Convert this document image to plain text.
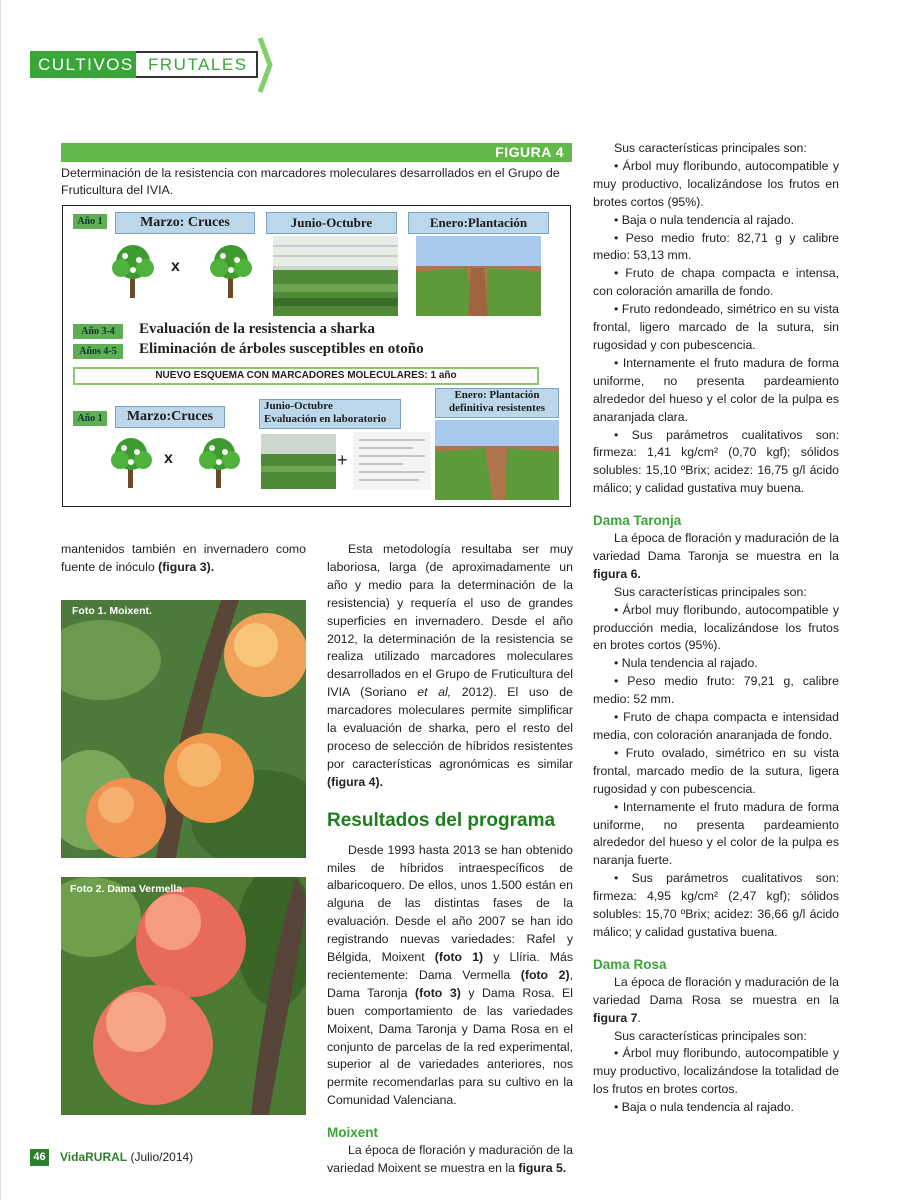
CULTIVOS FRUTALES
FIGURA 4
Determinación de la resistencia con marcadores moleculares desarrollados en el Grupo de Fruticultura del IVIA.
Año 1	Marzo: Cruces	Junio-Octubre	Enero:Plantación
x
Año 3-4	Evaluación de la resistencia a sharka
Años 4-5	Eliminación de árboles susceptibles en otoño
NUEVO ESQUEMA CON MARCADORES MOLECULARES: 1 año
Año 1	Marzo:Cruces
Junio-Octubre
Evaluación en laboratorio
Enero: Plantación
definitiva resistentes
x	+

mantenidos también en invernadero como fuente de inóculo (figura 3).

Foto 1. Moixent.
Foto 2. Dama Vermella.

Esta metodología resultaba ser muy laboriosa, larga (de aproximadamente un año y medio para la determinación de la resistencia) y requería el uso de grandes superficies en invernadero. Desde el año 2012, la determinación de la resistencia se realiza utilizado marcadores moleculares desarrollados en el Grupo de Fruticultura del IVIA (Soriano et al, 2012). El uso de marcadores moleculares permite simplificar la evaluación de sharka, pero el resto del proceso de selección de híbridos resistentes por características agronómicas es similar (figura 4).

Resultados del programa

Desde 1993 hasta 2013 se han obtenido miles de híbridos intraespecíficos de albaricoquero. De ellos, unos 1.500 están en alguna de las distintas fases de la evaluación. Desde el año 2007 se han ido registrando nuevas variedades: Rafel y Bélgida, Moixent (foto 1) y Llíria. Más recientemente: Dama Vermella (foto 2), Dama Taronja (foto 3) y Dama Rosa. El buen comportamiento de las variedades Moixent, Dama Taronja y Dama Rosa en el conjunto de parcelas de la red experimental, superior al de variedades anteriores, nos permite recomendarlas para su cultivo en la Comunidad Valenciana.

Moixent

La época de floración y maduración de la variedad Moixent se muestra en la figura 5.

Sus características principales son:

• Árbol muy floribundo, autocompatible y muy productivo, localizándose los frutos en brotes cortos (95%).

• Baja o nula tendencia al rajado.

• Peso medio fruto: 82,71 g y calibre medio: 53,13 mm.

• Fruto de chapa compacta e intensa, con coloración amarilla de fondo.

• Fruto redondeado, simétrico en su vista frontal, ligero marcado de la sutura, sin rugosidad y con pubescencia.

• Internamente el fruto madura de forma uniforme, no presenta pardeamiento alrededor del hueso y el color de la pulpa es anaranjada clara.

• Sus parámetros cualitativos son: firmeza: 1,41 kg/cm² (0,70 kgf); sólidos solubles: 15,10 ºBrix; acidez: 16,75 g/l ácido málico; y calidad gustativa muy buena.

Dama Taronja

La época de floración y maduración de la variedad Dama Taronja se muestra en la figura 6.

Sus características principales son:

• Árbol muy floribundo, autocompatible y producción media, localizándose los frutos en brotes cortos (95%).

• Nula tendencia al rajado.

• Peso medio fruto: 79,21 g, calibre medio: 52 mm.

• Fruto de chapa compacta e intensidad media, con coloración anaranjada de fondo.

• Fruto ovalado, simétrico en su vista frontal, marcado medio de la sutura, ligera rugosidad y con pubescencia.

• Internamente el fruto madura de forma uniforme, no presenta pardeamiento alrededor del hueso y el color de la pulpa es naranja fuerte.

• Sus parámetros cualitativos son: firmeza: 4,95 kg/cm² (2,47 kgf); sólidos solubles: 15,70 ºBrix; acidez: 36,66 g/l ácido málico; y calidad gustativa buena.

Dama Rosa

La época de floración y maduración de la variedad Dama Rosa se muestra en la figura 7.

Sus características principales son:

• Árbol muy floribundo, autocompatible y muy productivo, localizándose la totalidad de los frutos en brotes cortos.

• Baja o nula tendencia al rajado.

46 VidaRURAL (Julio/2014)
